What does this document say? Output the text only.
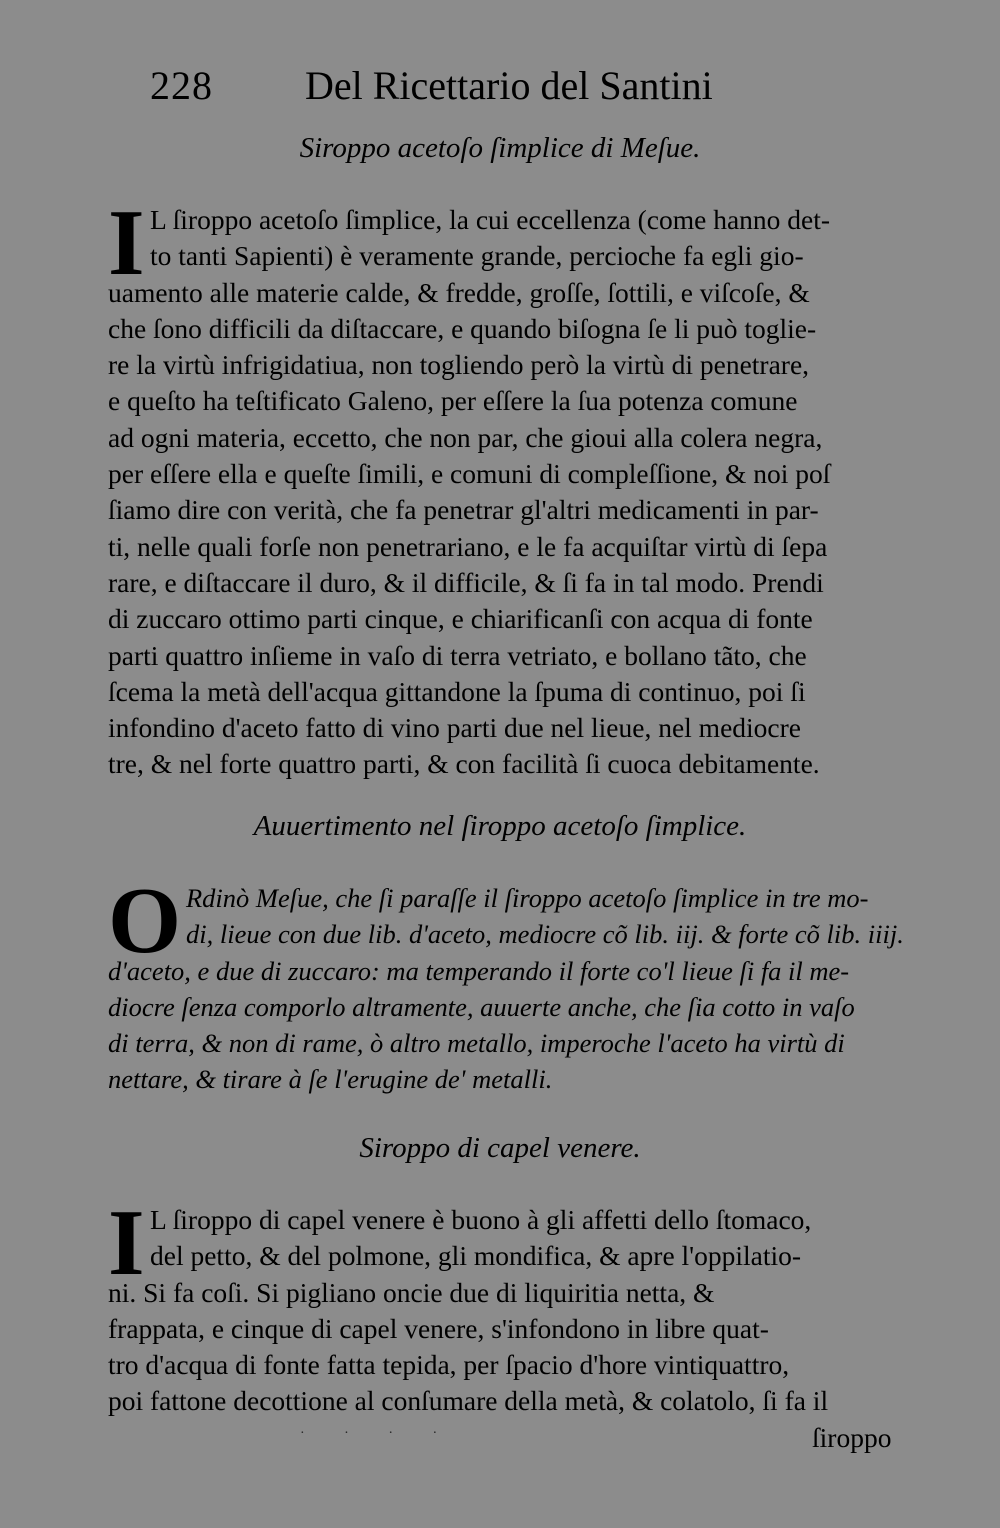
228 Del Ricettario del Santini
Siroppo acetoſo ſimplice di Meſue.
I L ſiroppo acetoſo ſimplice, la cui eccellenza (come hanno det-
to tanti Sapienti) è veramente grande, percioche fa egli gio-
uamento alle materie calde, & fredde, groſſe, ſottili, e viſcoſe, &
che ſono difficili da diſtaccare, e quando biſogna ſe li può toglie-
re la virtù infrigidatiua, non togliendo però la virtù di penetrare,
e queſto ha teſtificato Galeno, per eſſere la ſua potenza comune
ad ogni materia, eccetto, che non par, che gioui alla colera negra,
per eſſere ella e queſte ſimili, e comuni di compleſſione, & noi poſ
ſiamo dire con verità, che fa penetrar gl'altri medicamenti in par-
ti, nelle quali forſe non penetrariano, e le fa acquiſtar virtù di ſepa
rare, e diſtaccare il duro, & il difficile, & ſi fa in tal modo. Prendi
di zuccaro ottimo parti cinque, e chiarificanſi con acqua di fonte
parti quattro inſieme in vaſo di terra vetriato, e bollano tãto, che
ſcema la metà dell'acqua gittandone la ſpuma di continuo, poi ſi
infondino d'aceto fatto di vino parti due nel lieue, nel mediocre
tre, & nel forte quattro parti, & con facilità ſi cuoca debitamente.
Auuertimento nel ſiroppo acetoſo ſimplice.
O Rdinò Meſue, che ſi paraſſe il ſiroppo acetoſo ſimplice in tre mo-
di, lieue con due lib. d'aceto, mediocre cõ lib. iij. & forte cõ lib. iiij.
d'aceto, e due di zuccaro: ma temperando il forte co'l lieue ſi fa il me-
diocre ſenza comporlo altramente, auuerte anche, che ſia cotto in vaſo
di terra, & non di rame, ò altro metallo, imperoche l'aceto ha virtù di
nettare, & tirare à ſe l'erugine de' metalli.
Siroppo di capel venere.
I L ſiroppo di capel venere è buono à gli affetti dello ſtomaco,
del petto, & del polmone, gli mondifica, & apre l'oppilatio-
ni. Si fa coſi. Si pigliano oncie due di liquiritia netta, &
frappata, e cinque di capel venere, s'infondono in libre quat-
tro d'acqua di fonte fatta tepida, per ſpacio d'hore vintiquattro,
poi fattone decottione al conſumare della metà, & colatolo, ſi fa il
· · · ·	ſiroppo
